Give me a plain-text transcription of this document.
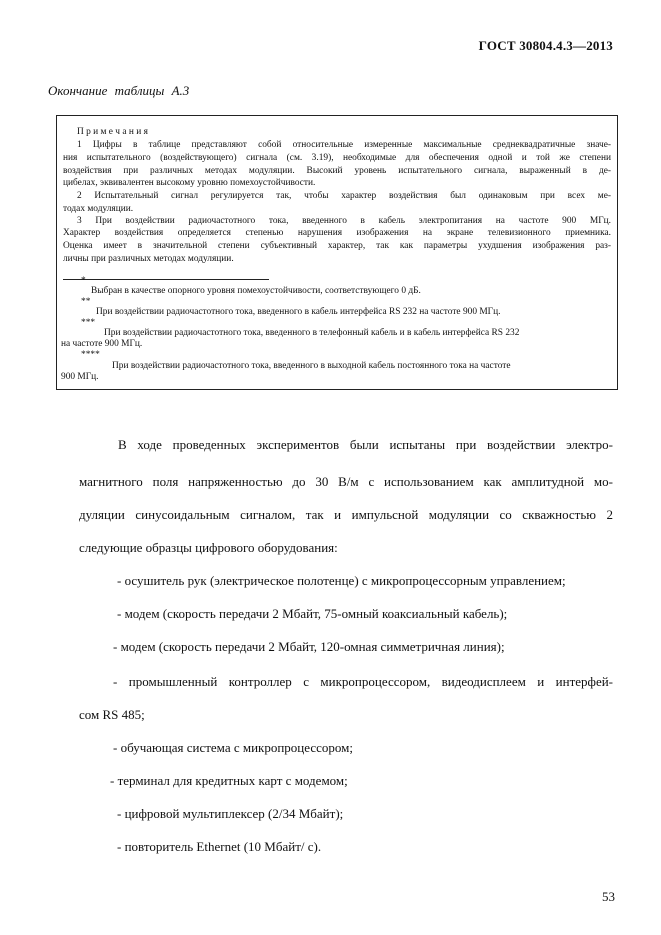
ГОСТ 30804.4.3—2013
Окончание таблицы А.3
П р и м е ч а н и я
1 Цифры в таблице представляют собой относительные измеренные максимальные среднеквадратичные значе-
ния испытательного (воздействующего) сигнала (см. 3.19), необходимые для обеспечения одной и той же степени
воздействия при различных методах модуляции. Высокий уровень испытательного сигнала, выраженный в де-
цибелах, эквивалентен высокому уровню помехоустойчивости.
2 Испытательный сигнал регулируется так, чтобы характер воздействия был одинаковым при всех ме-
тодах модуляции.
3 При воздействии радиочастотного тока, введенного в кабель электропитания на частоте 900 МГц.
Характер воздействия определяется степенью нарушения изображения на экране телевизионного приемника.
Оценка имеет в значительной степени субъективный характер, так как параметры ухудшения изображения раз-
личны при различных методах модуляции.
*
Выбран в качестве опорного уровня помехоустойчивости, соответствующего 0 дБ.
**
При воздействии радиочастотного тока, введенного в кабель интерфейса RS 232 на частоте 900 МГц.
***
При воздействии радиочастотного тока, введенного в телефонный кабель и в кабель интерфейса RS 232
на частоте 900 МГц.
****
При воздействии радиочастотного тока, введенного в выходной кабель постоянного тока на частоте
900 МГц.
В ходе проведенных экспериментов были испытаны при воздействии электро-
магнитного поля напряженностью до 30 В/м с использованием как амплитудной мо-
дуляции синусоидальным сигналом, так и импульсной модуляции со скважностью 2
следующие образцы цифрового оборудования:
- осушитель рук (электрическое полотенце) с микропроцессорным управлением;
- модем (скорость передачи 2 Мбайт, 75-омный коаксиальный кабель);
- модем (скорость передачи 2 Мбайт, 120-омная симметричная линия);
- промышленный контроллер с микропроцессором, видеодисплеем и интерфей-
сом RS 485;
- обучающая система с микропроцессором;
- терминал для кредитных карт с модемом;
- цифровой мультиплексер (2/34 Мбайт);
- повторитель Ethernet (10 Мбайт/ с).
53
